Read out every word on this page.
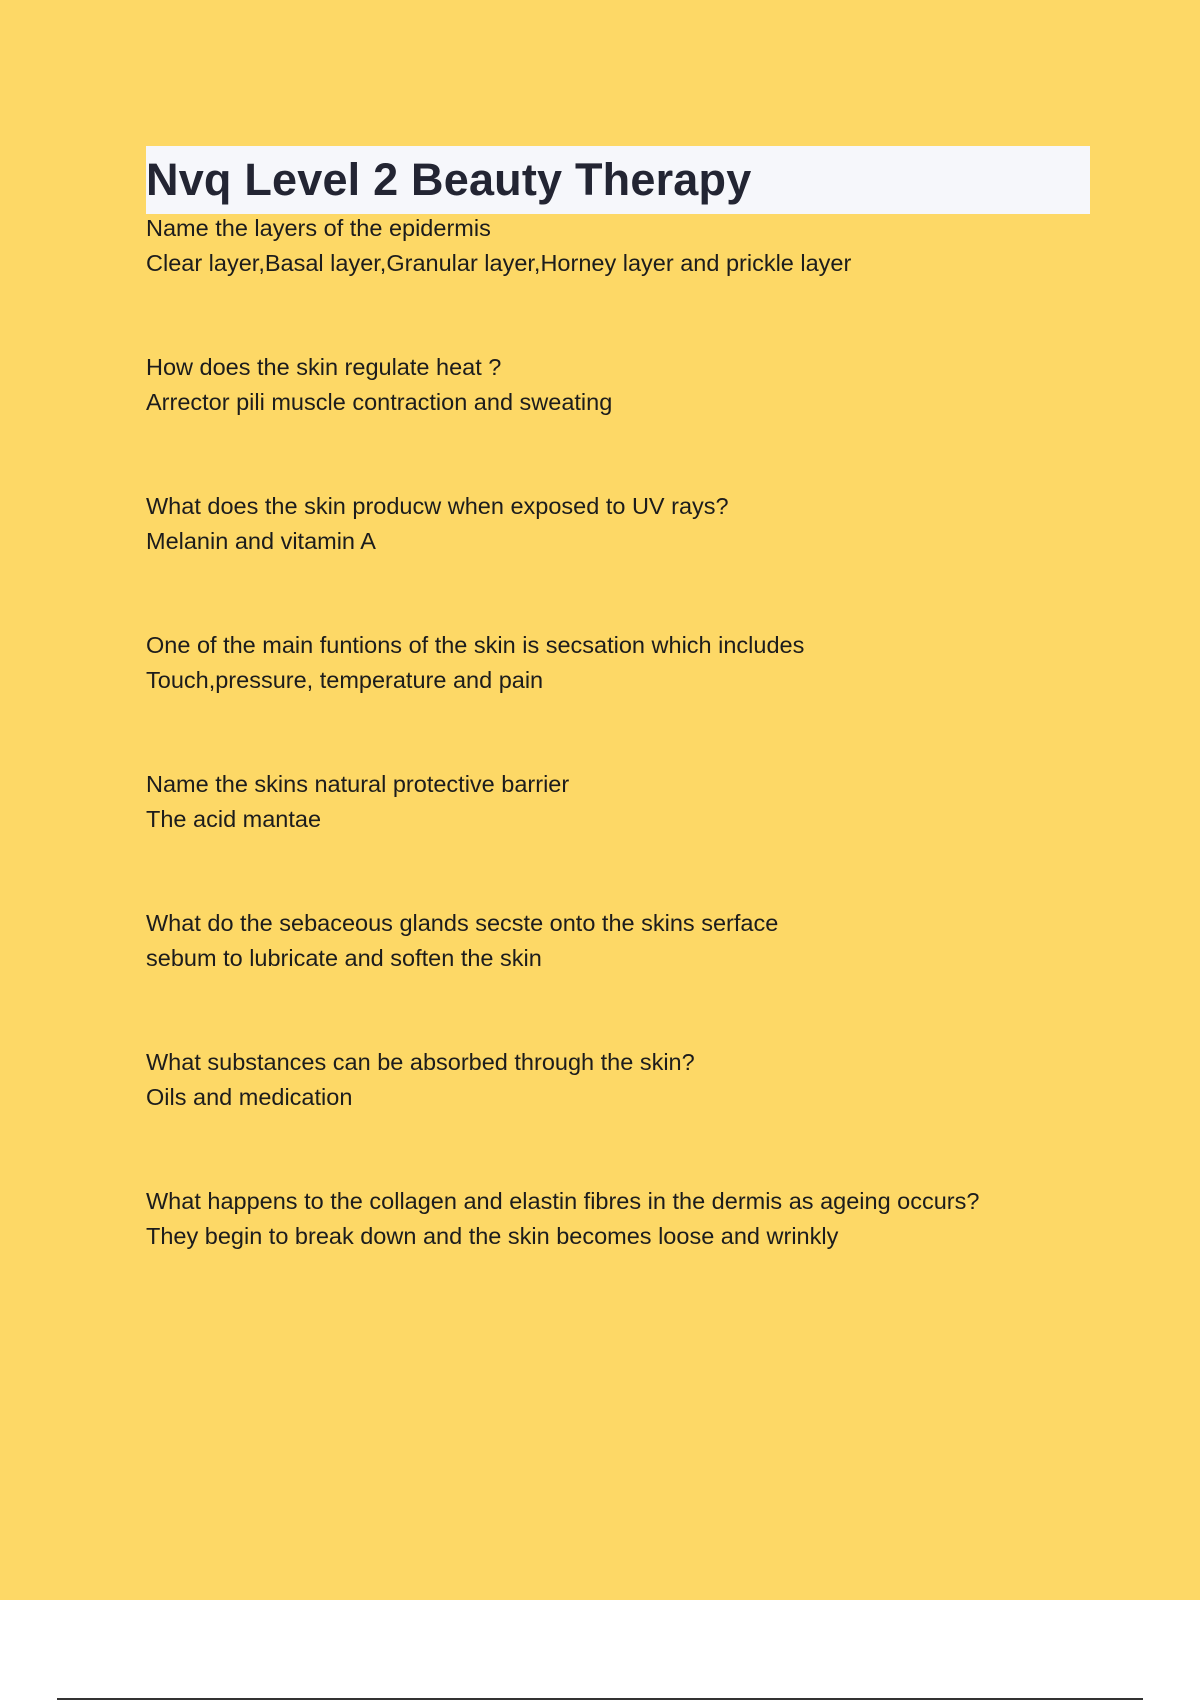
Nvq Level 2 Beauty Therapy

Name the layers of the epidermis

Clear layer,Basal layer,Granular layer,Horney layer and prickle layer

How does the skin regulate heat ?

Arrector pili muscle contraction and sweating

What does the skin producw when exposed to UV rays?

Melanin and vitamin A

One of the main funtions of the skin is secsation which includes

Touch,pressure, temperature and pain

Name the skins natural protective barrier

The acid mantae

What do the sebaceous glands secste onto the skins serface

sebum to lubricate and soften the skin

What substances can be absorbed through the skin?

Oils and medication

What happens to the collagen and elastin fibres in the dermis as ageing occurs?

They begin to break down and the skin becomes loose and wrinkly
